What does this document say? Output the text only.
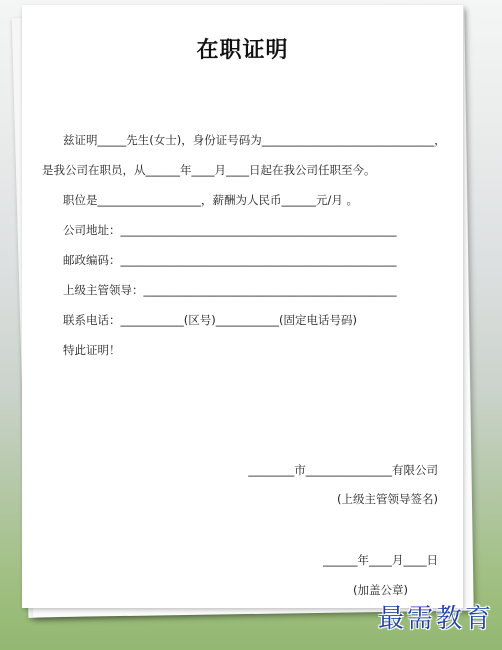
在职证明
兹证明_____先生(女士)，身份证号码为______________________________，
是我公司在职员，从______年____月____日起在我公司任职至今。
职位是__________________，薪酬为人民币______元/月 。
公司地址：________________________________________________
邮政编码：________________________________________________
上级主管领导：____________________________________________
联系电话：___________(区号)___________(固定电话号码)
特此证明！
________市_______________有限公司
(上级主管领导签名)
______年____月____日
(加盖公章)
最需教育
